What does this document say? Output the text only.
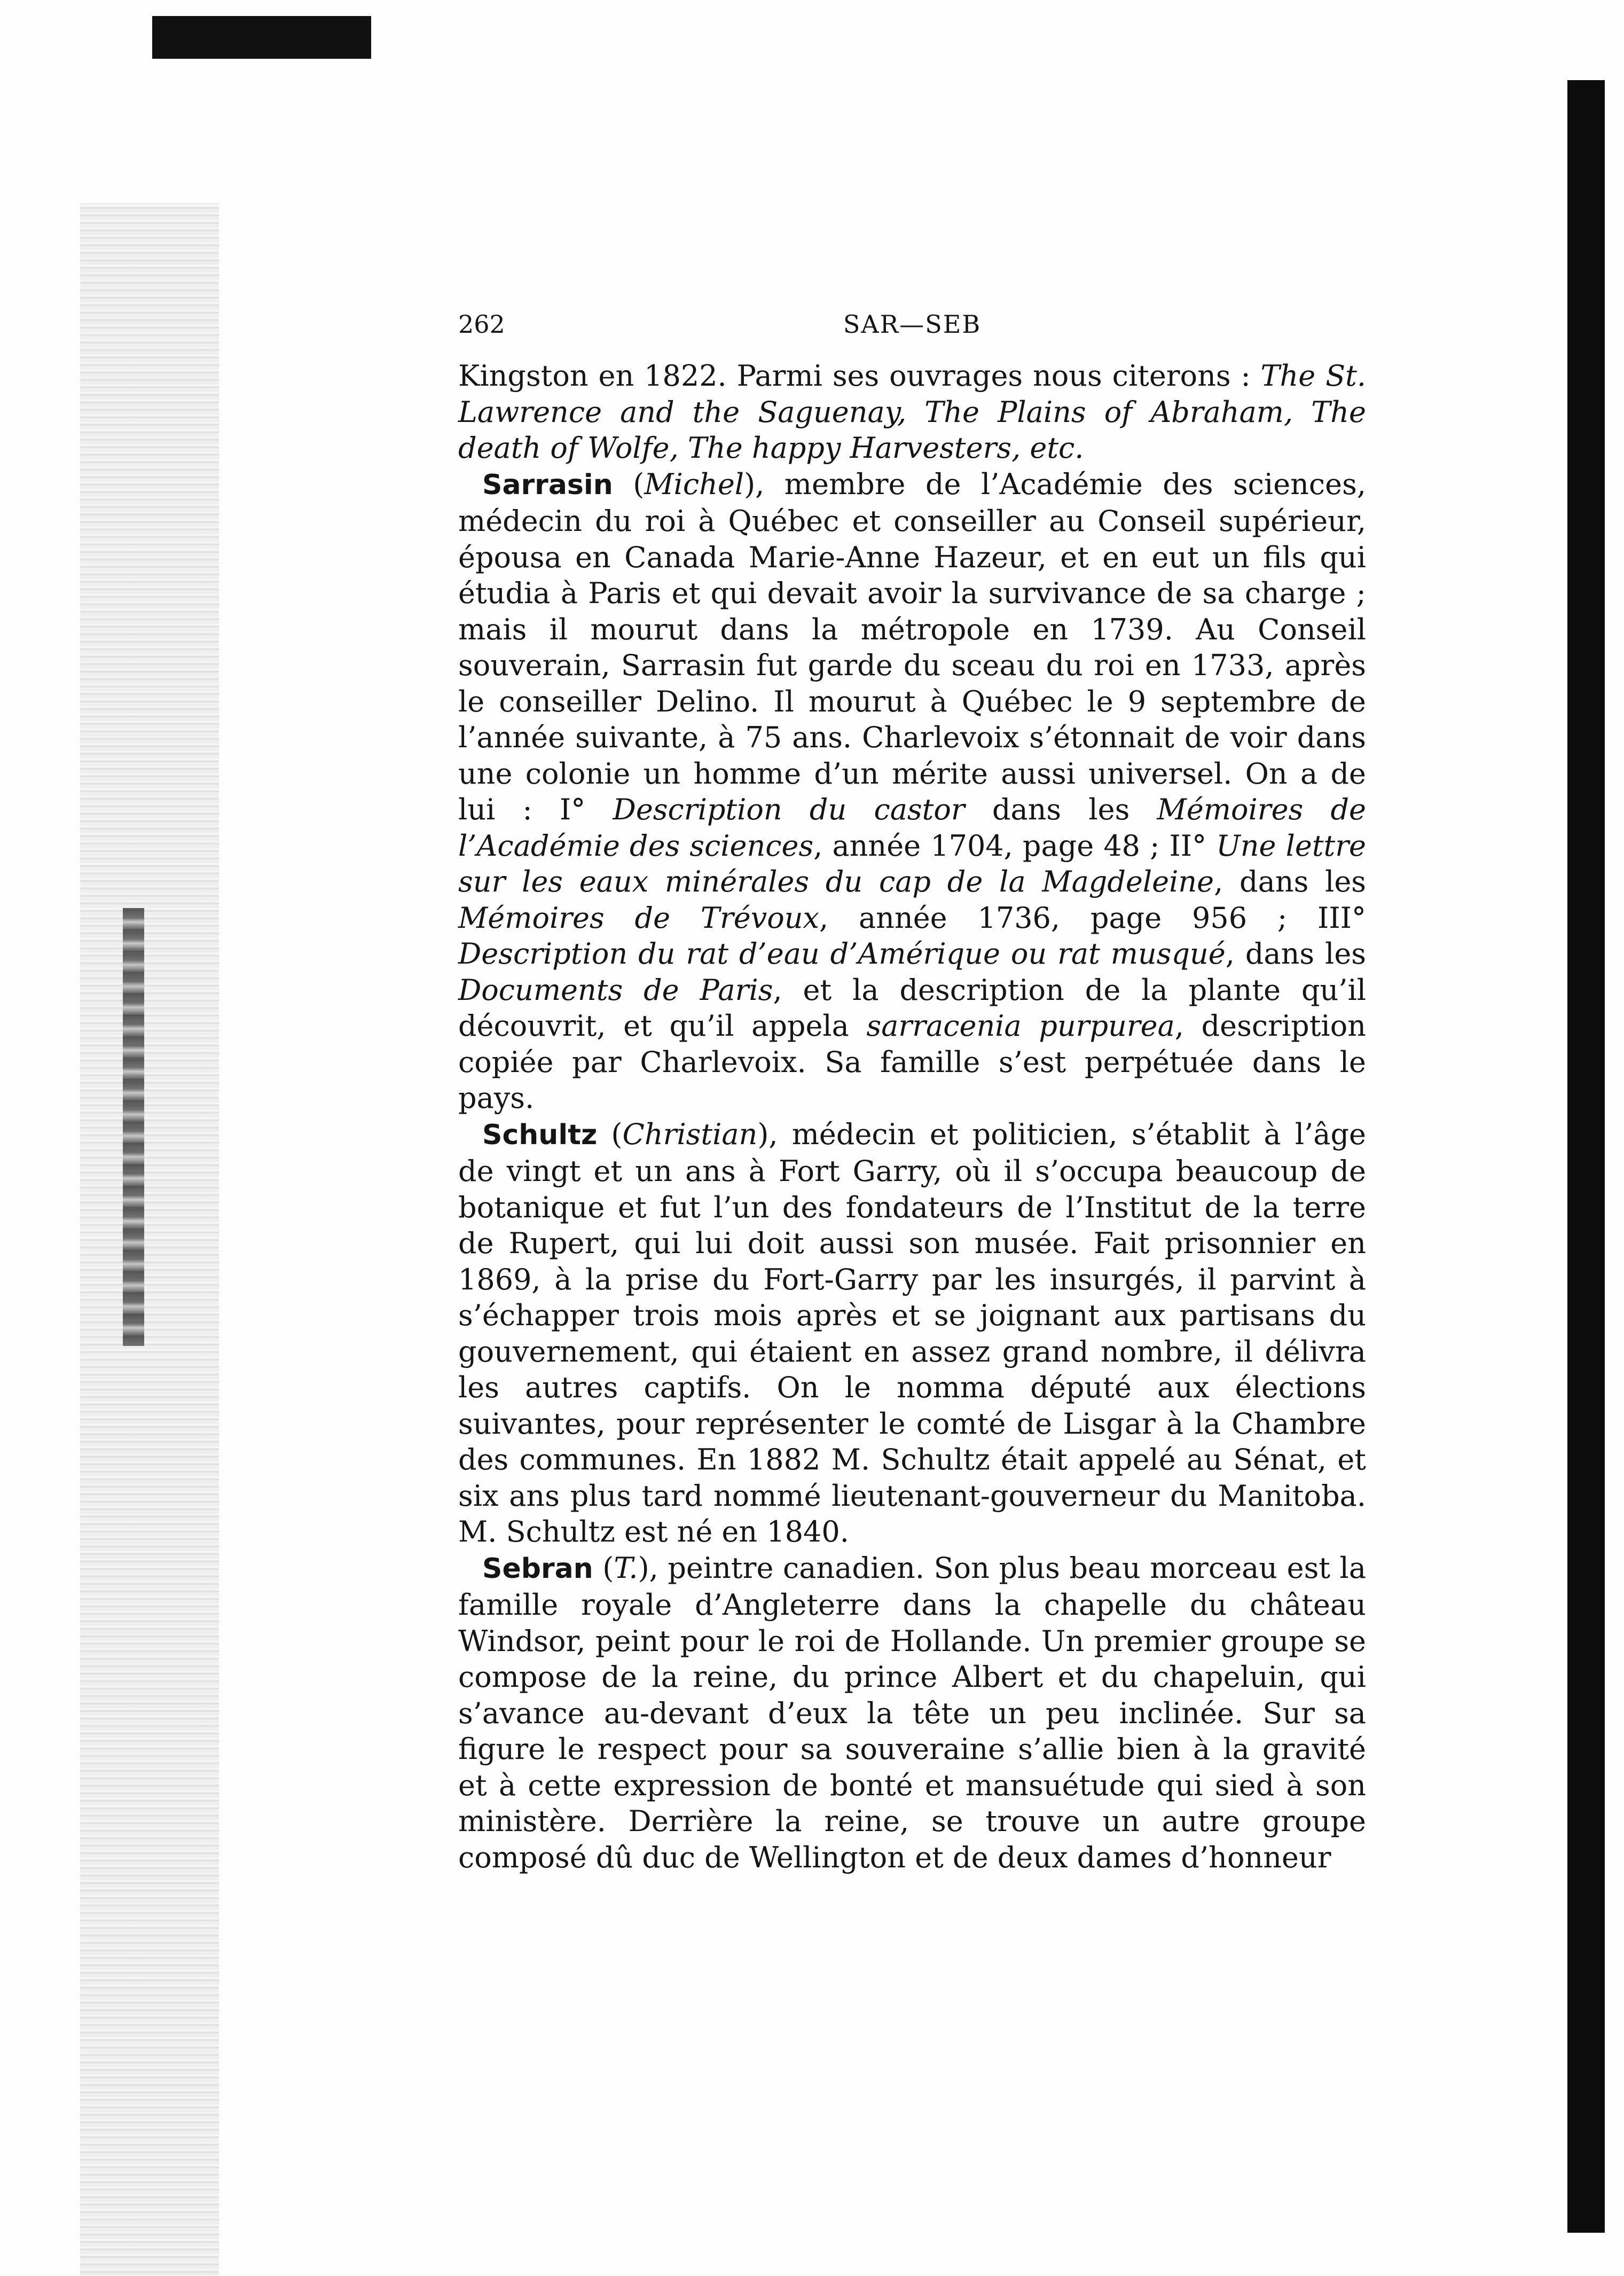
262	SAR—SEB

Kingston en 1822. Parmi ses ouvrages nous citerons : The St. Lawrence and the Saguenay, The Plains of Abraham, The death of Wolfe, The happy Harvesters, etc.

Sarrasin (Michel), membre de l’Académie des sciences, médecin du roi à Québec et conseiller au Conseil supérieur, épousa en Canada Marie-Anne Hazeur, et en eut un fils qui étudia à Paris et qui devait avoir la survivance de sa charge ; mais il mourut dans la métropole en 1739. Au Conseil souverain, Sarrasin fut garde du sceau du roi en 1733, après le conseiller Delino. Il mourut à Québec le 9 septembre de l’année suivante, à 75 ans. Charlevoix s’étonnait de voir dans une colonie un homme d’un mérite aussi universel. On a de lui : I° Description du castor dans les Mémoires de l’Académie des sciences, année 1704, page 48 ; II° Une lettre sur les eaux minérales du cap de la Magdeleine, dans les Mémoires de Trévoux, année 1736, page 956 ; III° Description du rat d’eau d’Amérique ou rat musqué, dans les Documents de Paris, et la description de la plante qu’il découvrit, et qu’il appela sarracenia purpurea, description copiée par Charlevoix. Sa famille s’est perpétuée dans le pays.

Schultz (Christian), médecin et politicien, s’établit à l’âge de vingt et un ans à Fort Garry, où il s’occupa beaucoup de botanique et fut l’un des fondateurs de l’Institut de la terre de Rupert, qui lui doit aussi son musée. Fait prisonnier en 1869, à la prise du Fort-Garry par les insurgés, il parvint à s’échapper trois mois après et se joignant aux partisans du gouvernement, qui étaient en assez grand nombre, il délivra les autres captifs. On le nomma député aux élections suivantes, pour représenter le comté de Lisgar à la Chambre des communes. En 1882 M. Schultz était appelé au Sénat, et six ans plus tard nommé lieutenant-gouverneur du Manitoba. M. Schultz est né en 1840.

Sebran (T.), peintre canadien. Son plus beau morceau est la famille royale d’Angleterre dans la chapelle du château Windsor, peint pour le roi de Hollande. Un premier groupe se compose de la reine, du prince Albert et du chapeluin, qui s’avance au-devant d’eux la tête un peu inclinée. Sur sa figure le respect pour sa souveraine s’allie bien à la gravité et à cette expression de bonté et mansuétude qui sied à son ministère. Derrière la reine, se trouve un autre groupe composé dû duc de Wellington et de deux dames d’honneur
